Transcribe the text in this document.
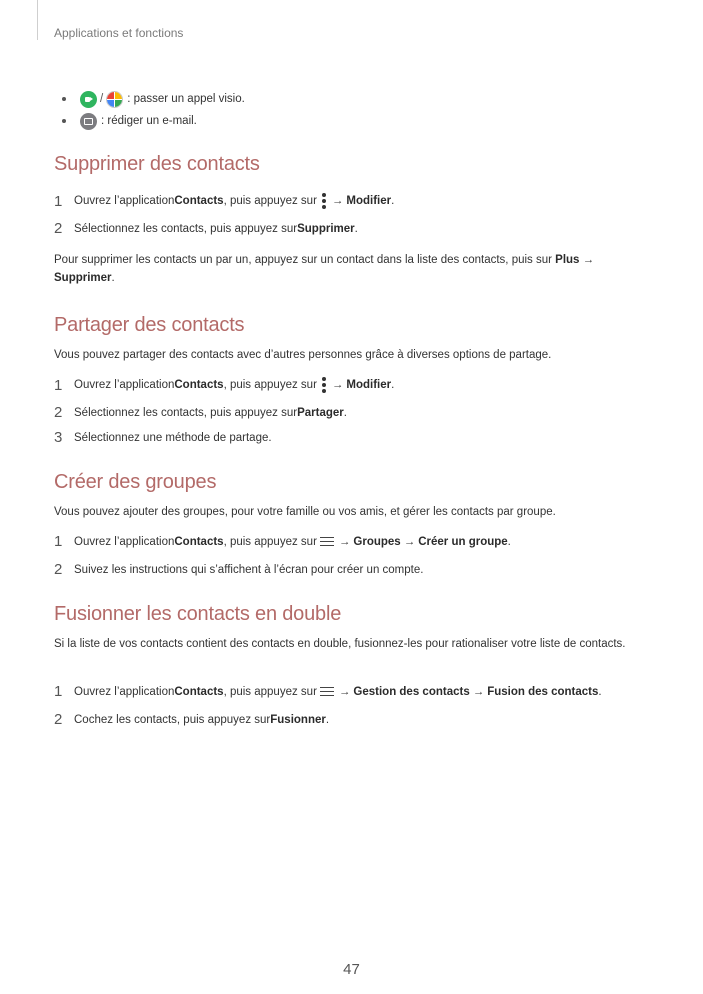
Applications et fonctions
/ : passer un appel visio.
: rédiger un e-mail.
Supprimer des contacts
1	Ouvrez l’application Contacts , puis appuyez sur → Modifier .
2	Sélectionnez les contacts, puis appuyez sur Supprimer .
Pour supprimer les contacts un par un, appuyez sur un contact dans la liste des contacts, puis sur Plus →
Supprimer.
Partager des contacts
Vous pouvez partager des contacts avec d’autres personnes grâce à diverses options de partage.
1	Ouvrez l’application Contacts , puis appuyez sur → Modifier .
2	Sélectionnez les contacts, puis appuyez sur Partager .
3	Sélectionnez une méthode de partage.
Créer des groupes
Vous pouvez ajouter des groupes, pour votre famille ou vos amis, et gérer les contacts par groupe.
1	Ouvrez l’application Contacts , puis appuyez sur → Groupes → Créer un groupe .
2	Suivez les instructions qui s’affichent à l’écran pour créer un compte.
Fusionner les contacts en double
Si la liste de vos contacts contient des contacts en double, fusionnez-les pour rationaliser votre liste de contacts.
1	Ouvrez l’application Contacts , puis appuyez sur → Gestion des contacts → Fusion des contacts .
2	Cochez les contacts, puis appuyez sur Fusionner .
47
